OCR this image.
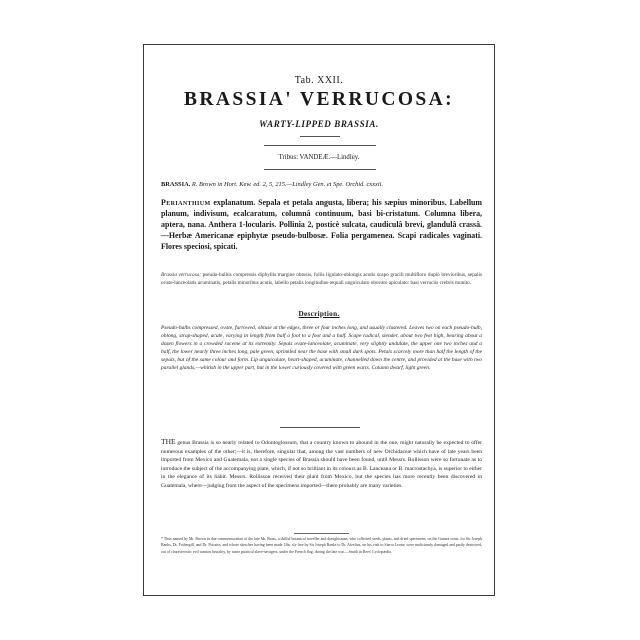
Tab. XXII.
BRASSIA' VERRUCOSA:
WARTY-LIPPED BRASSIA.
Tribus: VANDEÆ.—Lindley.
BRASSIA. R. Brown in Hort. Kew. ed. 2, 5, 215.—Lindley Gen. et Spe. Orchid. cxxxii.
Perianthium explanatum. Sepala et petala angusta, libera; his sæpius minoribus. Labellum planum, indivisum, ecalcaratum, columnâ continuum, basi bi-cristatum. Columna libera, aptera, nana. Anthera 1-locularis. Pollinia 2, posticè sulcata, caudiculâ brevi, glandulâ crassâ.—Herbæ Americanæ epiphytæ pseudo-bulbosæ. Folia pergamenea. Scapi radicales vaginati. Flores speciosi, spicati.
Brassia verrucosa; pseudo-bulbis compressis diphyllis margine obtusis, foliis ligulato-oblongis acutis scapo gracili multifloro duplò brevioribus, sepalis ovato-lanceolatis acuminatis, petalis minoribus acutis, labello petalis longitudine æquali unguiculato obovato apiculato: basi verruciis crebris munito.
Description.
Pseudo-bulbs compressed, ovate, furrowed, obtuse at the edges, three or four inches long, and usually clustered. Leaves two on each pseudo-bulb, oblong, strap-shaped, acute, varying in length from half a foot to a foot and a half. Scape radical, slender, about two feet high, bearing about a dozen flowers in a crowded raceme at its extremity. Sepals ovate-lanceolate, acuminate, very slightly undulate, the upper one two inches and a half, the lower nearly three inches long, pale green, sprinkled near the base with small dark spots. Petals scarcely more than half the length of the sepals, but of the same colour and form. Lip unguiculate, heart-shaped, acuminate, channelled down the centre, and provided at the base with two parallel glands,—whitish in the upper part, but in the lower curiously covered with green warts. Column dwarf, light green.
THE genus Brassia is so nearly related to Odontoglossum, that a country known to abound in the one, might naturally be expected to offer numerous examples of the other;—it is, therefore, singular that, among the vast numbers of new Orchidaceæ which have of late years been imported from Mexico and Guatemala, not a single species of Brassia should have been found, until Messrs. Rollisson were so fortunate as to introduce the subject of the accompanying plate, which, if not so brilliant in its colours as B. Lanceana or B. macrostachya, is superior to either in the elegance of its habit. Messrs. Rollisson received their plant from Mexico, but the species has more recently been discovered in Guatemala, where—judging from the aspect of the specimens imported—there probably are many varieties.
* Thus named by Mr. Brown in due commemoration of the late Mr. Brass, a skilful botanical traveller and draughtsman, who collected seeds, plants, and dried specimens, on the Guinea coast, for Sir Joseph Banks, Dr. Fothergill, and Dr. Pitcairn, and whose sketches having been made 1lbs. sly free by Sir Joseph Banks to Dr. Afzelius, on his visit to Sierra Leone, were malicionsly damaged and partly destroyed, out of charecteristic evil wanton brutality, by some piratical slave-savagers, under the French flag, during the late war.—Smith in Rees' Cyclopædia.
